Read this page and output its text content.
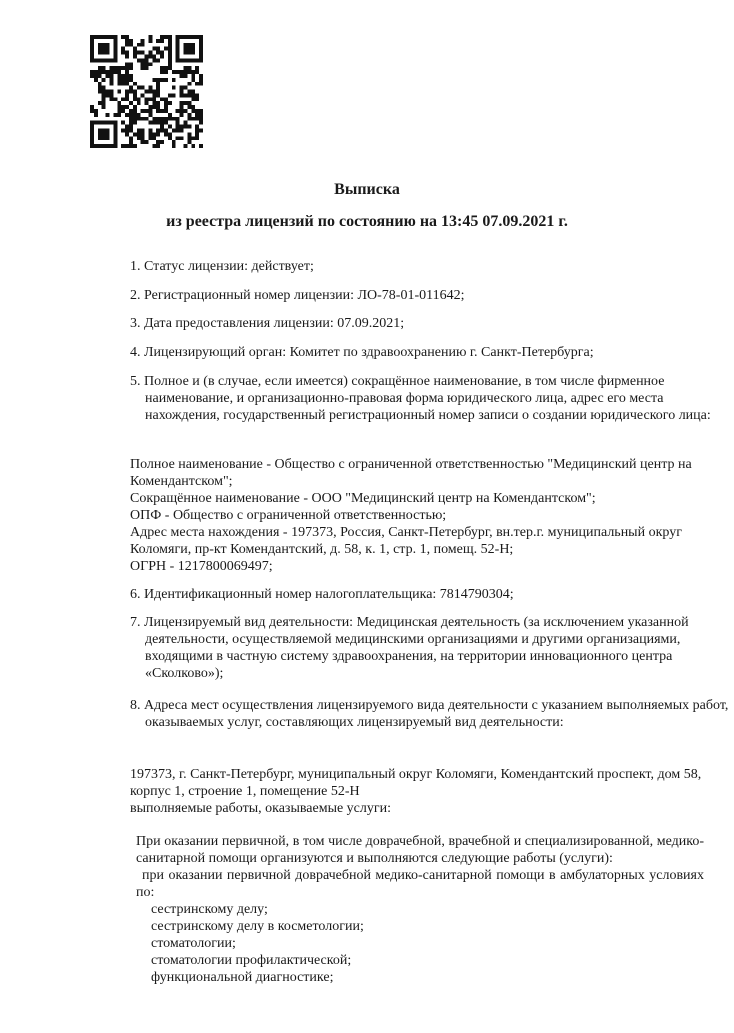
Выписка
из реестра лицензий по состоянию на 13:45 07.09.2021 г.

1. Статус лицензии: действует;

2. Регистрационный номер лицензии: ЛО-78-01-011642;

3. Дата предоставления лицензии: 07.09.2021;

4. Лицензирующий орган: Комитет по здравоохранению г. Санкт-Петербурга;

5. Полное и (в случае, если имеется) сокращённое наименование, в том числе фирменное наименование, и организационно-правовая форма юридического лица, адрес его места нахождения, государственный регистрационный номер записи о создании юридического лица:

Полное наименование - Общество с ограниченной ответственностью "Медицинский центр на Комендантском";
Сокращённое наименование - ООО "Медицинский центр на Комендантском";
ОПФ - Общество с ограниченной ответственностью;
Адрес места нахождения - 197373, Россия, Санкт-Петербург, вн.тер.г. муниципальный округ Коломяги, пр-кт Комендантский, д. 58, к. 1, стр. 1, помещ. 52-Н;
ОГРН - 1217800069497;

6. Идентификационный номер налогоплательщика: 7814790304;

7. Лицензируемый вид деятельности: Медицинская деятельность (за исключением указанной деятельности, осуществляемой медицинскими организациями и другими организациями, входящими в частную систему здравоохранения, на территории инновационного центра «Сколково»);

8. Адреса мест осуществления лицензируемого вида деятельности с указанием выполняемых работ, оказываемых услуг, составляющих лицензируемый вид деятельности:

197373, г. Санкт-Петербург, муниципальный округ Коломяги, Комендантский проспект, дом 58, корпус 1, строение 1, помещение 52-Н
выполняемые работы, оказываемые услуги:

При оказании первичной, в том числе доврачебной, врачебной и специализированной, медико-санитарной помощи организуются и выполняются следующие работы (услуги):

при оказании первичной доврачебной медико-санитарной помощи в амбулаторных условиях по:

сестринскому делу;

сестринскому делу в косметологии;

стоматологии;

стоматологии профилактической;

функциональной диагностике;
